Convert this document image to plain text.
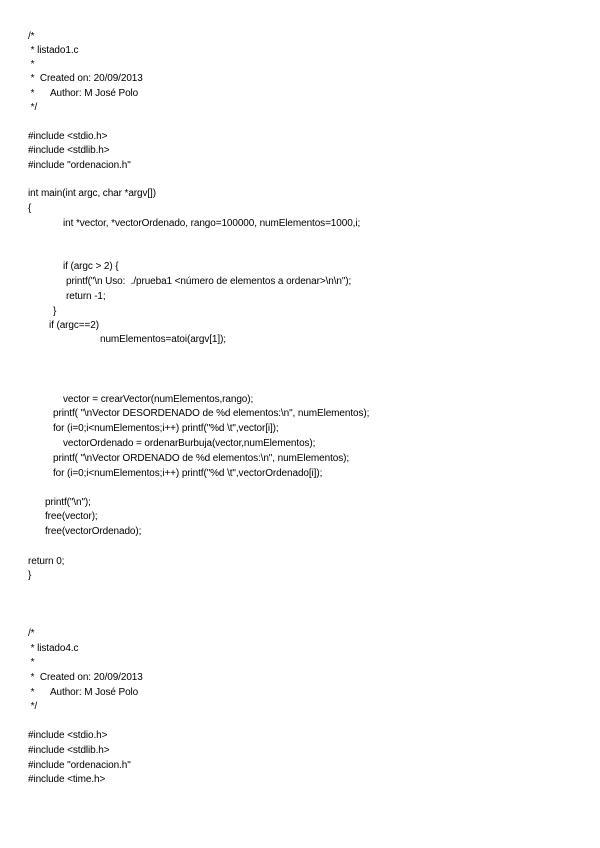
/*
* listado1.c
*
*  Created on: 20/09/2013
*      Author: M José Polo
*/
#include <stdio.h>
#include <stdlib.h>
#include "ordenacion.h"
int main(int argc, char *argv[])
{
int *vector, *vectorOrdenado, rango=100000, numElementos=1000,i;
if (argc > 2) {
printf("\n Uso:  ./prueba1 <número de elementos a ordenar>\n\n");
return -1;
}
if (argc==2)
numElementos=atoi(argv[1]);
vector = crearVector(numElementos,rango);
printf( "\nVector DESORDENADO de %d elementos:\n", numElementos);
for (i=0;i<numElementos;i++) printf("%d \t",vector[i]);
vectorOrdenado = ordenarBurbuja(vector,numElementos);
printf( "\nVector ORDENADO de %d elementos:\n", numElementos);
for (i=0;i<numElementos;i++) printf("%d \t",vectorOrdenado[i]);
printf("\n");
free(vector);
free(vectorOrdenado);
return 0;
}
/*
* listado4.c
*
*  Created on: 20/09/2013
*      Author: M José Polo
*/
#include <stdio.h>
#include <stdlib.h>
#include "ordenacion.h"
#include <time.h>
